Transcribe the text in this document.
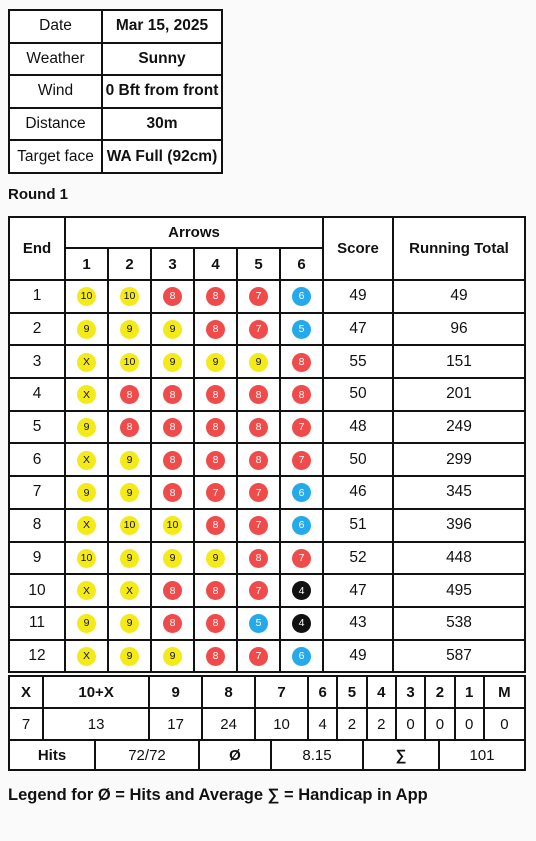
Date	Mar 15, 2025
Weather	Sunny
Wind	0 Bft from front
Distance	30m
Target face	WA Full (92cm)
Round 1
End	Arrows						Score	Running Total
	1	2	3	4	5	6		
1	10	10	8	8	7	6	49	49
2	9	9	9	8	7	5	47	96
3	X	10	9	9	9	8	55	151
4	X	8	8	8	8	8	50	201
5	9	8	8	8	8	7	48	249
6	X	9	8	8	8	7	50	299
7	9	9	8	7	7	6	46	345
8	X	10	10	8	7	6	51	396
9	10	9	9	9	8	7	52	448
10	X	X	8	8	7	4	47	495
11	9	9	8	8	5	4	43	538
12	X	9	9	8	7	6	49	587
X	10+X	9	8	7	6	5	4	3	2	1	M
7	13	17	24	10	4	2	2	0	0	0	0
Hits	72/72	Ø	8.15	∑	101
Legend for Ø = Hits and Average ∑ = Handicap in App
